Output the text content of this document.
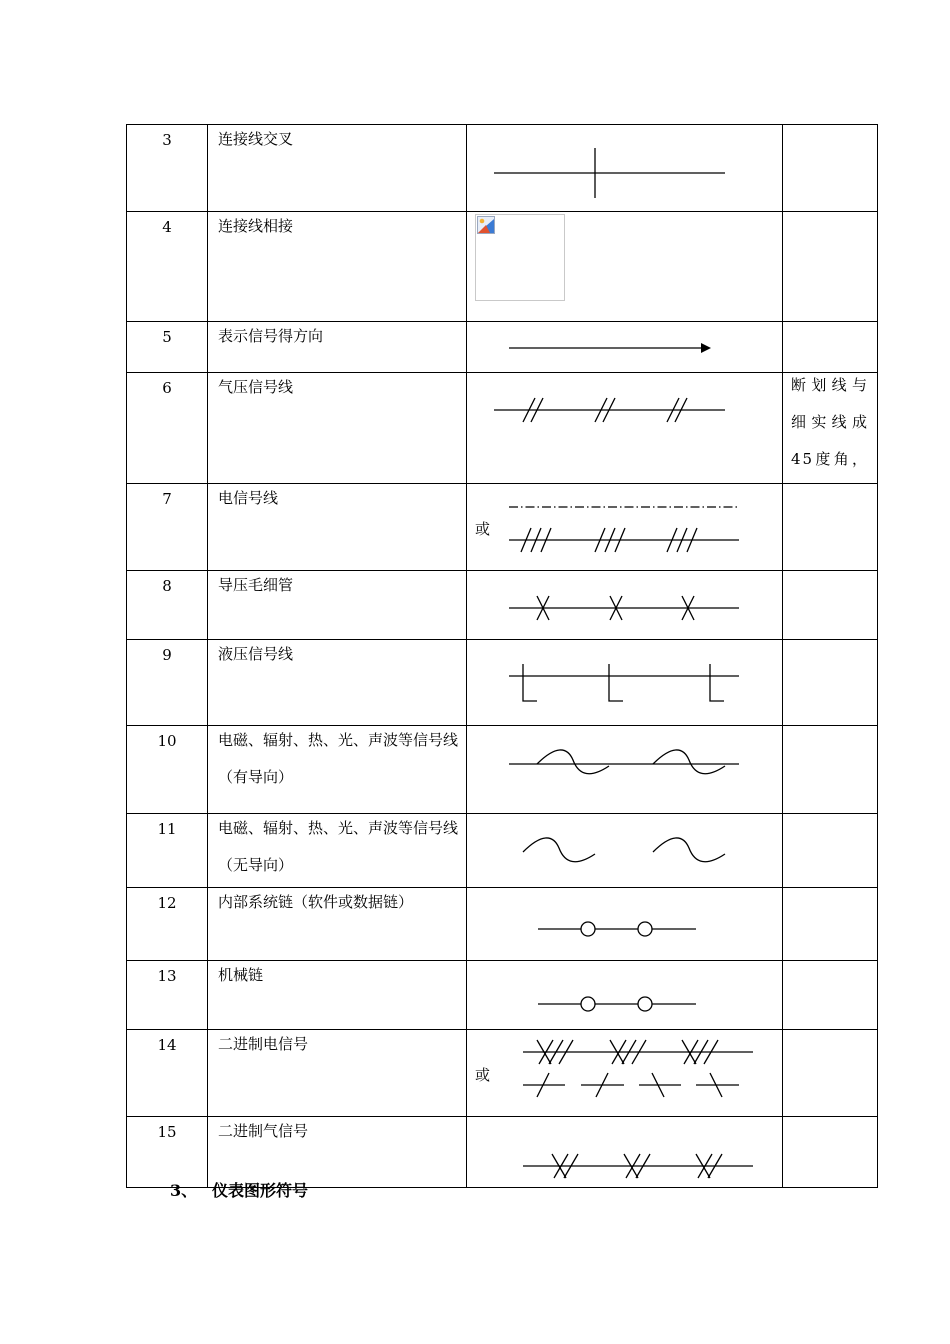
3	连接线交叉

4	连接线相接

5	表示信号得方向

6	气压信号线		断划线与细实线成45度角，

7	电信号线	或	

8	导压毛细管

9	液压信号线

10	电磁、辐射、热、光、声波等信号线（有导向）

11	电磁、辐射、热、光、声波等信号线（无导向）

12	内部系统链（软件或数据链）

13	机械链

14	二进制电信号	或	

15	二进制气信号

3、 仪表图形符号
